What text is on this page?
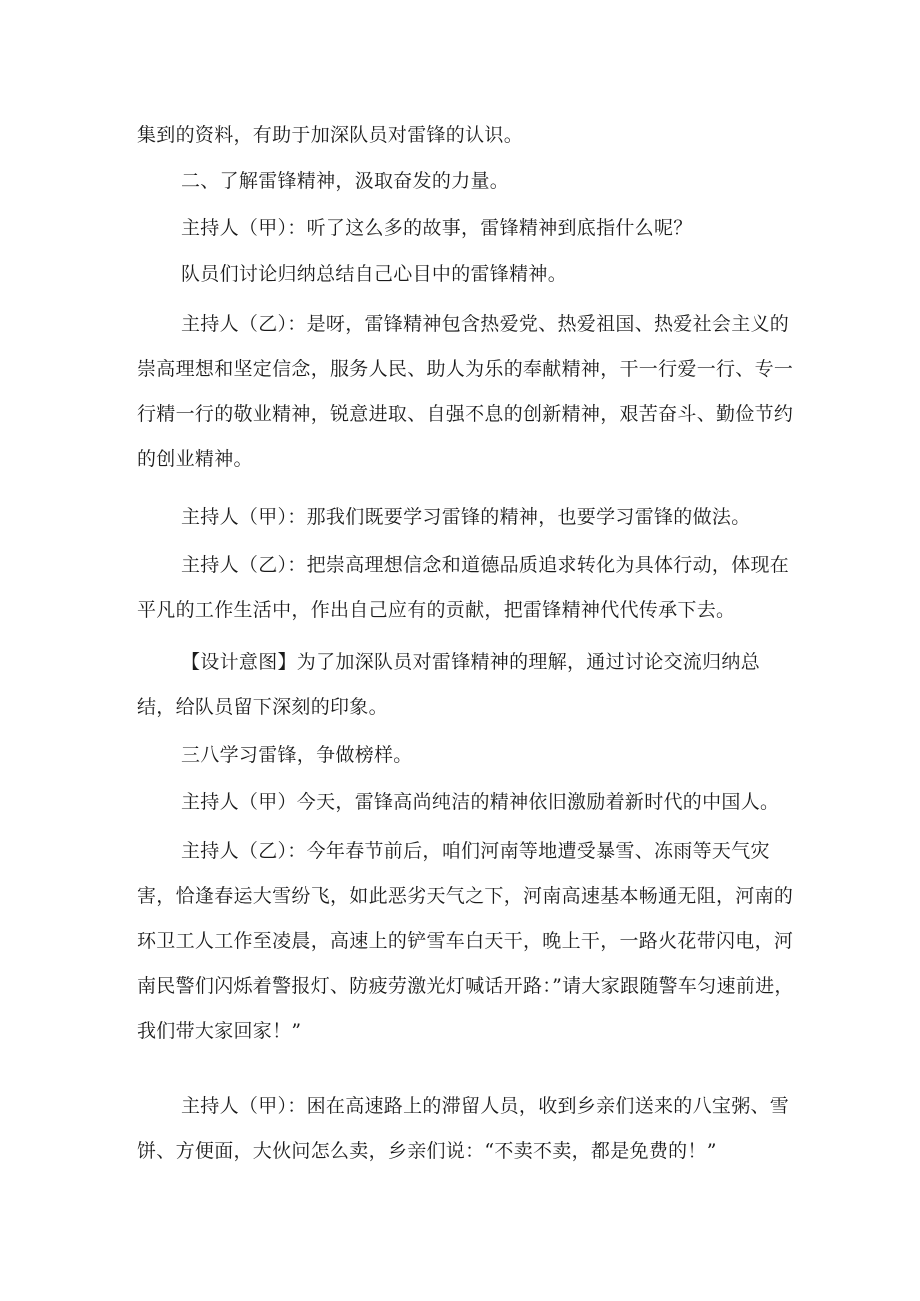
集到的资料，有助于加深队员对雷锋的认识。

二、了解雷锋精神，汲取奋发的力量。

主持人（甲）：听了这么多的故事，雷锋精神到底指什么呢？

队员们讨论归纳总结自己心目中的雷锋精神。

主持人（乙）：是呀，雷锋精神包含热爱党、热爱祖国、热爱社会主义的崇高理想和坚定信念，服务人民、助人为乐的奉献精神，干一行爱一行、专一行精一行的敬业精神，锐意进取、自强不息的创新精神，艰苦奋斗、勤俭节约的创业精神。

主持人（甲）：那我们既要学习雷锋的精神，也要学习雷锋的做法。

主持人（乙）：把崇高理想信念和道德品质追求转化为具体行动，体现在平凡的工作生活中，作出自己应有的贡献，把雷锋精神代代传承下去。

【设计意图】为了加深队员对雷锋精神的理解，通过讨论交流归纳总结，给队员留下深刻的印象。

三八学习雷锋，争做榜样。

主持人（甲）今天，雷锋高尚纯洁的精神依旧激励着新时代的中国人。

主持人（乙）：今年春节前后，咱们河南等地遭受暴雪、冻雨等天气灾害，恰逢春运大雪纷飞，如此恶劣天气之下，河南高速基本畅通无阻，河南的环卫工人工作至凌晨，高速上的铲雪车白天干，晚上干，一路火花带闪电，河南民警们闪烁着警报灯、防疲劳激光灯喊话开路：”请大家跟随警车匀速前进，我们带大家回家！”

主持人（甲）：困在高速路上的滞留人员，收到乡亲们送来的八宝粥、雪饼、方便面，大伙问怎么卖，乡亲们说：“不卖不卖，都是免费的！”
